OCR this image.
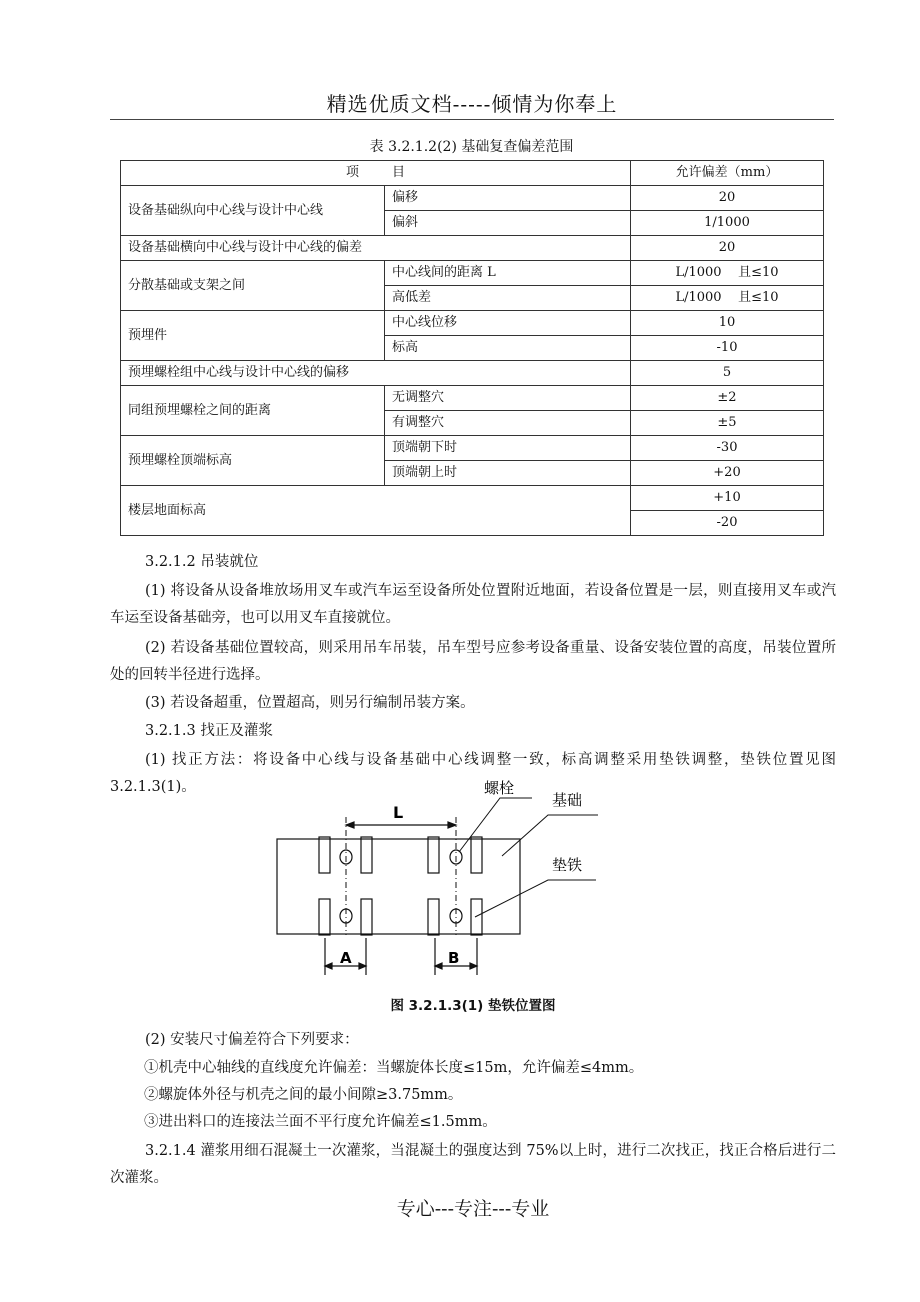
精选优质文档-----倾情为你奉上
表 3.2.1.2(2) 基础复查偏差范围
项        目		允许偏差（mm）
设备基础纵向中心线与设计中心线	偏移	20
	偏斜	1/1000
设备基础横向中心线与设计中心线的偏差		20
分散基础或支架之间	中心线间的距离 L	L/1000    且≤10
	高低差	L/1000    且≤10
预埋件	中心线位移	10
	标高	-10
预埋螺栓组中心线与设计中心线的偏移		5
同组预埋螺栓之间的距离	无调整穴	±2
	有调整穴	±5
预埋螺栓顶端标高	顶端朝下时	-30
	顶端朝上时	+20
楼层地面标高		+10
		-20
3.2.1.2 吊装就位
(1) 将设备从设备堆放场用叉车或汽车运至设备所处位置附近地面，若设备位置是一层，则直接用叉车或汽车运至设备基础旁，也可以用叉车直接就位。
(2) 若设备基础位置较高，则采用吊车吊装，吊车型号应参考设备重量、设备安装位置的高度，吊装位置所处的回转半径进行选择。
(3) 若设备超重，位置超高，则另行编制吊装方案。
3.2.1.3 找正及灌浆
(1) 找正方法：将设备中心线与设备基础中心线调整一致，标高调整采用垫铁调整，垫铁位置见图3.2.1.3(1)。
L
A	B
螺栓
基础
垫铁
图 3.2.1.3(1) 垫铁位置图
(2) 安装尺寸偏差符合下列要求：
①机壳中心轴线的直线度允许偏差：当螺旋体长度≤15m，允许偏差≤4mm。
②螺旋体外径与机壳之间的最小间隙≥3.75mm。
③进出料口的连接法兰面不平行度允许偏差≤1.5mm。
3.2.1.4 灌浆用细石混凝土一次灌浆，当混凝土的强度达到 75%以上时，进行二次找正，找正合格后进行二次灌浆。
专心---专注---专业
